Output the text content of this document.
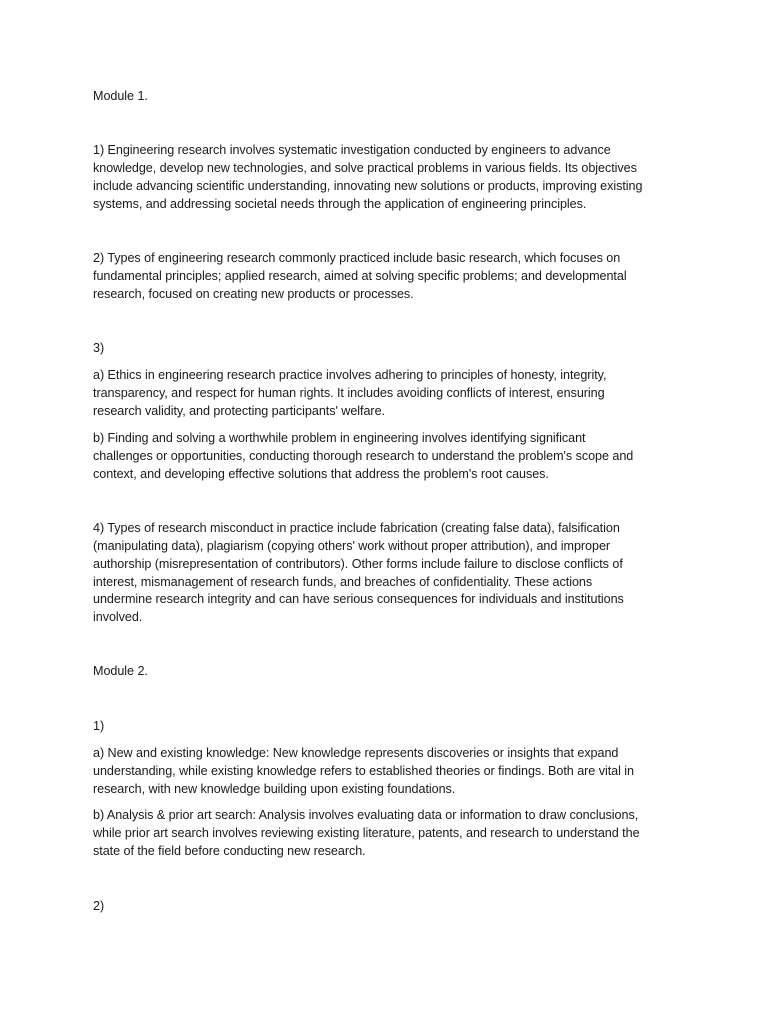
Module 1.

1) Engineering research involves systematic investigation conducted by engineers to advance

knowledge, develop new technologies, and solve practical problems in various fields. Its objectives

include advancing scientific understanding, innovating new solutions or products, improving existing

systems, and addressing societal needs through the application of engineering principles.

2) Types of engineering research commonly practiced include basic research, which focuses on

fundamental principles; applied research, aimed at solving specific problems; and developmental

research, focused on creating new products or processes.

3)

a) Ethics in engineering research practice involves adhering to principles of honesty, integrity,

transparency, and respect for human rights. It includes avoiding conflicts of interest, ensuring

research validity, and protecting participants' welfare.

b) Finding and solving a worthwhile problem in engineering involves identifying significant

challenges or opportunities, conducting thorough research to understand the problem's scope and

context, and developing effective solutions that address the problem's root causes.

4) Types of research misconduct in practice include fabrication (creating false data), falsification

(manipulating data), plagiarism (copying others' work without proper attribution), and improper

authorship (misrepresentation of contributors). Other forms include failure to disclose conflicts of

interest, mismanagement of research funds, and breaches of confidentiality. These actions

undermine research integrity and can have serious consequences for individuals and institutions

involved.

Module 2.

1)

a) New and existing knowledge: New knowledge represents discoveries or insights that expand

understanding, while existing knowledge refers to established theories or findings. Both are vital in

research, with new knowledge building upon existing foundations.

b) Analysis & prior art search: Analysis involves evaluating data or information to draw conclusions,

while prior art search involves reviewing existing literature, patents, and research to understand the

state of the field before conducting new research.

2)
